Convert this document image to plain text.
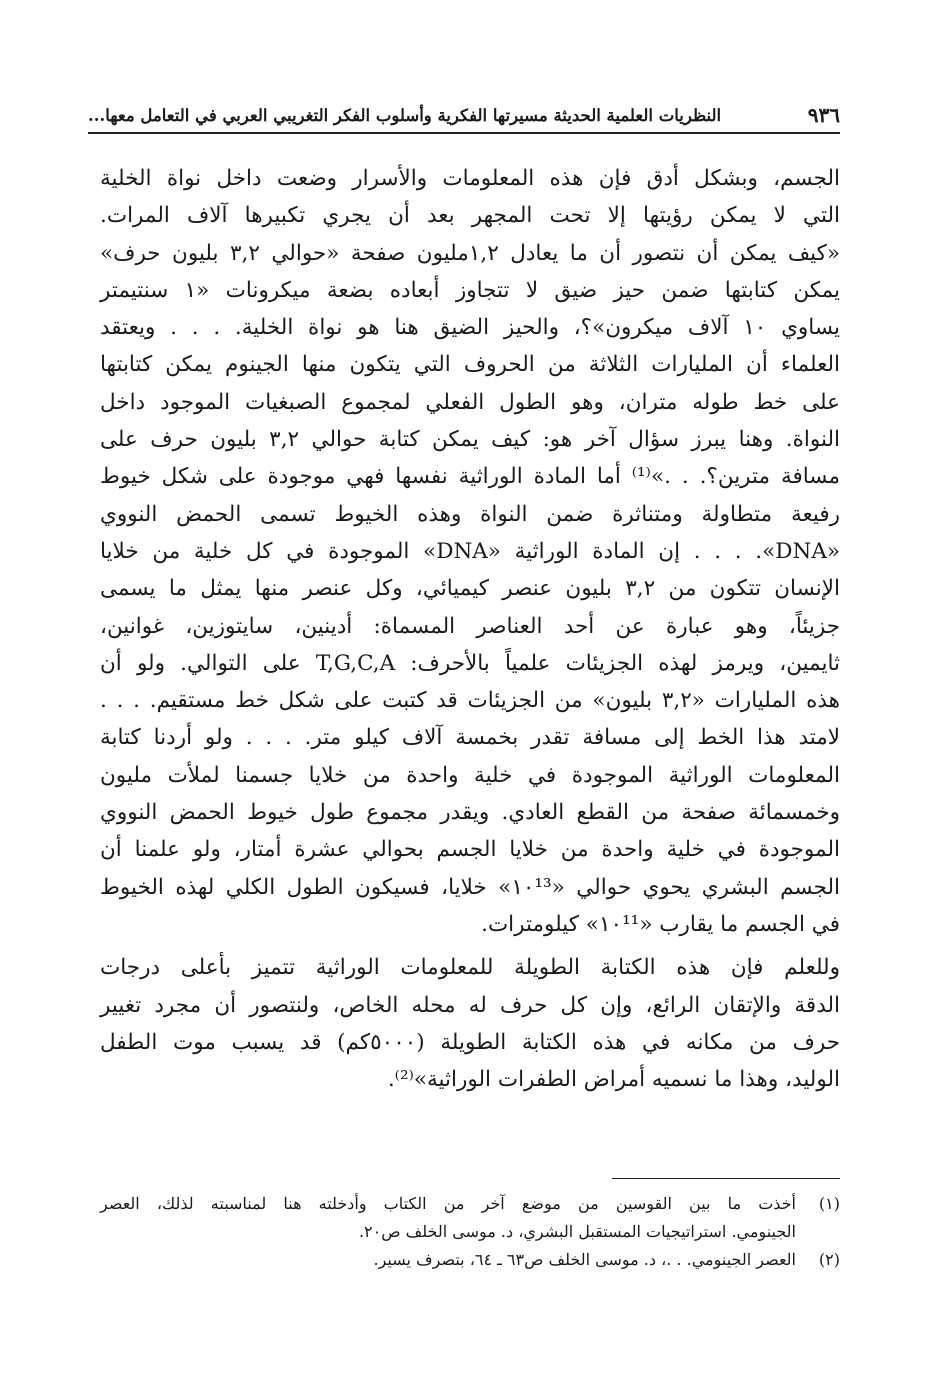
٩٣٦
النظريات العلمية الحديثة مسيرتها الفكرية وأسلوب الفكر التغريبي العربي في التعامل معها...

الجسم، وبشكل أدق فإن هذه المعلومات والأسرار وضعت داخل نواة الخلية
التي لا يمكن رؤيتها إلا تحت المجهر بعد أن يجري تكبيرها آلاف المرات.
«كيف يمكن أن نتصور أن ما يعادل ١,٢مليون صفحة «حوالي ٣,٢ بليون حرف»
يمكن كتابتها ضمن حيز ضيق لا تتجاوز أبعاده بضعة ميكرونات «١ سنتيمتر
يساوي ١٠ آلاف ميكرون»؟، والحيز الضيق هنا هو نواة الخلية. . . . ويعتقد
العلماء أن المليارات الثلاثة من الحروف التي يتكون منها الجينوم يمكن كتابتها
على خط طوله متران، وهو الطول الفعلي لمجموع الصبغيات الموجود داخل
النواة. وهنا يبرز سؤال آخر هو: كيف يمكن كتابة حوالي ٣,٢ بليون حرف على
مسافة مترين؟. . .»⁽¹⁾ أما المادة الوراثية نفسها فهي موجودة على شكل خيوط
رفيعة متطاولة ومتناثرة ضمن النواة وهذه الخيوط تسمى الحمض النووي
«DNA». . . . إن المادة الوراثية «DNA» الموجودة في كل خلية من خلايا
الإنسان تتكون من ٣,٢ بليون عنصر كيميائي، وكل عنصر منها يمثل ما يسمى
جزيئاً، وهو عبارة عن أحد العناصر المسماة: أدينين، سايتوزين، غوانين،
ثايمين، ويرمز لهذه الجزيئات علمياً بالأحرف: T,G,C,A على التوالي. ولو أن
هذه المليارات «٣,٢ بليون» من الجزيئات قد كتبت على شكل خط مستقيم. . . .
لامتد هذا الخط إلى مسافة تقدر بخمسة آلاف كيلو متر. . . . ولو أردنا كتابة
المعلومات الوراثية الموجودة في خلية واحدة من خلايا جسمنا لملأت مليون
وخمسمائة صفحة من القطع العادي. ويقدر مجموع طول خيوط الحمض النووي
الموجودة في خلية واحدة من خلايا الجسم بحوالي عشرة أمتار، ولو علمنا أن
الجسم البشري يحوي حوالي «١٠¹³» خلايا، فسيكون الطول الكلي لهذه الخيوط
في الجسم ما يقارب «١٠¹¹» كيلومترات.

وللعلم فإن هذه الكتابة الطويلة للمعلومات الوراثية تتميز بأعلى درجات
الدقة والإتقان الرائع، وإن كل حرف له محله الخاص، ولنتصور أن مجرد تغيير
حرف من مكانه في هذه الكتابة الطويلة (٥٠٠٠كم) قد يسبب موت الطفل
الوليد، وهذا ما نسميه أمراض الطفرات الوراثية»⁽²⁾.

(١)
أخذت ما بين القوسين من موضع آخر من الكتاب وأدخلته هنا لمناسبته لذلك، العصر
الجينومي. استراتيجيات المستقبل البشري، د. موسى الخلف ص٢٠.
(٢)
العصر الجينومي. . .، د. موسى الخلف ص٦٣ ـ ٦٤، بتصرف يسير.
